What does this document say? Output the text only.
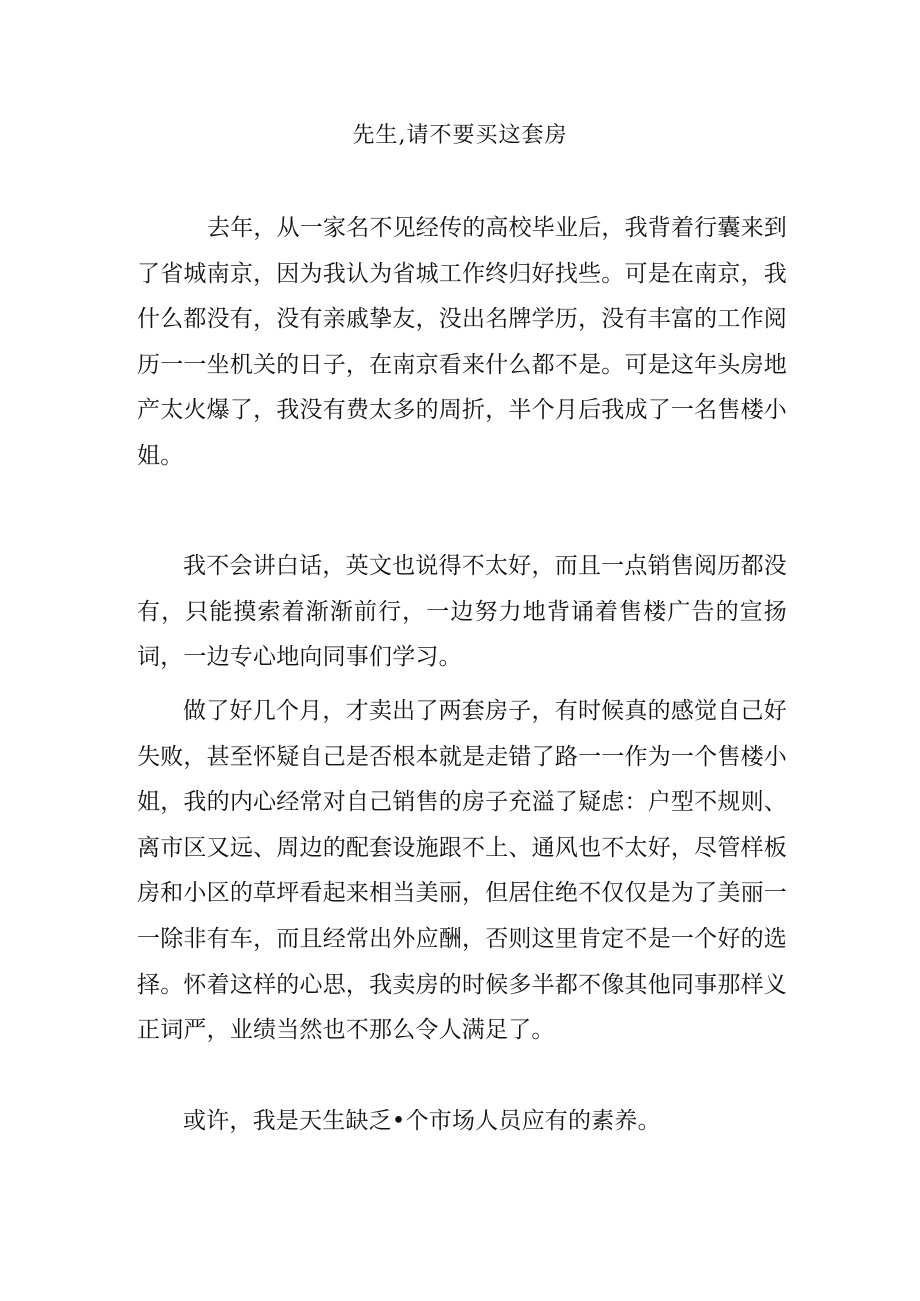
先生,请不要买这套房

去年，从一家名不见经传的高校毕业后，我背着行囊来到了省城南京，因为我认为省城工作终归好找些。可是在南京，我什么都没有，没有亲戚挚友，没出名牌学历，没有丰富的工作阅历一一坐机关的日子，在南京看来什么都不是。可是这年头房地产太火爆了，我没有费太多的周折，半个月后我成了一名售楼小姐。

我不会讲白话，英文也说得不太好，而且一点销售阅历都没有，只能摸索着渐渐前行，一边努力地背诵着售楼广告的宣扬词，一边专心地向同事们学习。

做了好几个月，才卖出了两套房子，有时候真的感觉自己好失败，甚至怀疑自己是否根本就是走错了路一一作为一个售楼小姐，我的内心经常对自己销售的房子充溢了疑虑：户型不规则、离市区又远、周边的配套设施跟不上、通风也不太好，尽管样板房和小区的草坪看起来相当美丽，但居住绝不仅仅是为了美丽一一除非有车，而且经常出外应酬，否则这里肯定不是一个好的选择。怀着这样的心思，我卖房的时候多半都不像其他同事那样义正词严，业绩当然也不那么令人满足了。

或许，我是天生缺乏•个市场人员应有的素养。
